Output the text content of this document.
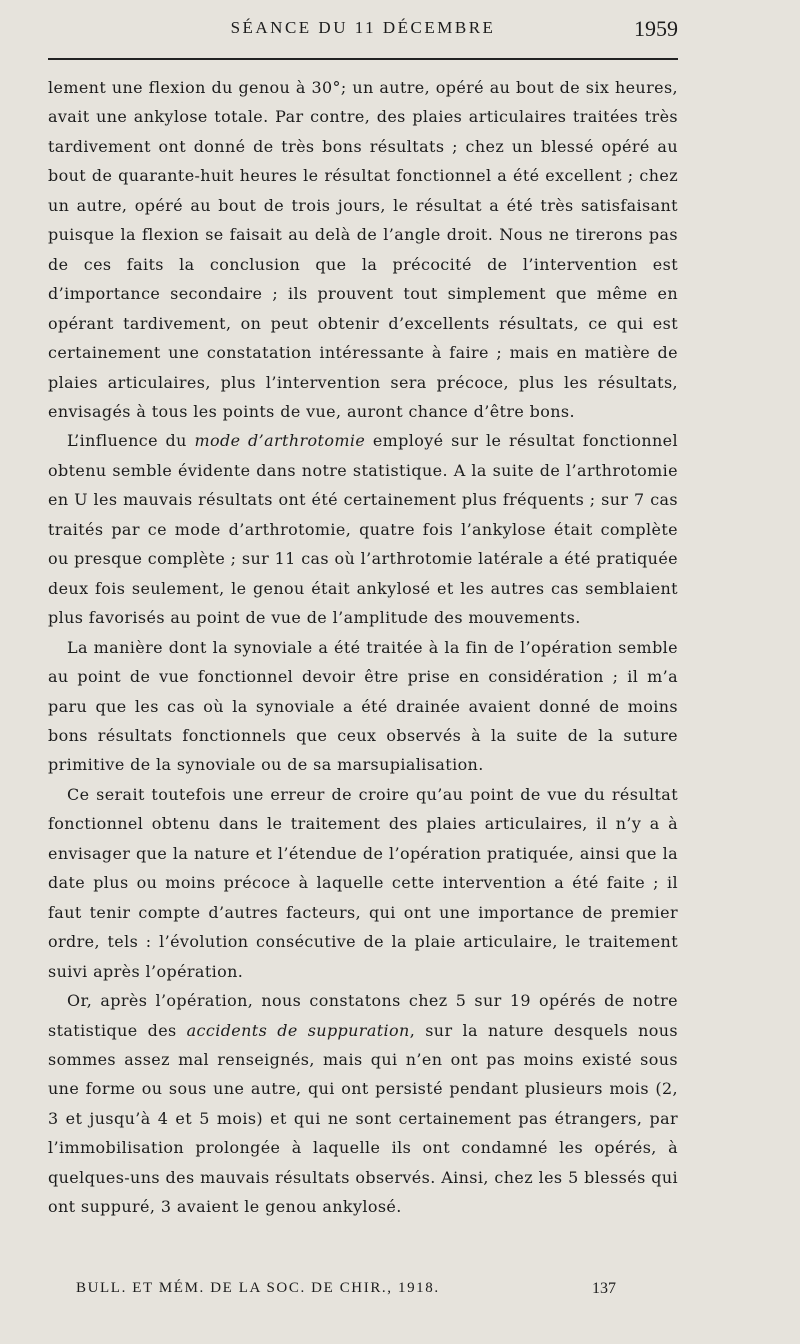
SÉANCE DU 11 DÉCEMBRE	1959

lement une flexion du genou à 30°; un autre, opéré au bout de six heures, avait une ankylose totale. Par contre, des plaies articulaires traitées très tardivement ont donné de très bons résultats ; chez un blessé opéré au bout de quarante-huit heures le résultat fonctionnel a été excellent ; chez un autre, opéré au bout de trois jours, le résultat a été très satisfaisant puisque la flexion se faisait au delà de l’angle droit. Nous ne tirerons pas de ces faits la conclusion que la précocité de l’intervention est d’importance secondaire ; ils prouvent tout simplement que même en opérant tardivement, on peut obtenir d’excellents résultats, ce qui est certainement une constatation intéressante à faire ; mais en matière de plaies articulaires, plus l’intervention sera précoce, plus les résultats, envisagés à tous les points de vue, auront chance d’être bons.

L’influence du mode d’arthrotomie employé sur le résultat fonctionnel obtenu semble évidente dans notre statistique. A la suite de l’arthrotomie en U les mauvais résultats ont été certainement plus fréquents ; sur 7 cas traités par ce mode d’arthrotomie, quatre fois l’ankylose était complète ou presque complète ; sur 11 cas où l’arthrotomie latérale a été pratiquée deux fois seulement, le genou était ankylosé et les autres cas semblaient plus favorisés au point de vue de l’amplitude des mouvements.

La manière dont la synoviale a été traitée à la fin de l’opération semble au point de vue fonctionnel devoir être prise en considération ; il m’a paru que les cas où la synoviale a été drainée avaient donné de moins bons résultats fonctionnels que ceux observés à la suite de la suture primitive de la synoviale ou de sa marsupialisation.

Ce serait toutefois une erreur de croire qu’au point de vue du résultat fonctionnel obtenu dans le traitement des plaies articulaires, il n’y a à envisager que la nature et l’étendue de l’opération pratiquée, ainsi que la date plus ou moins précoce à laquelle cette intervention a été faite ; il faut tenir compte d’autres facteurs, qui ont une importance de premier ordre, tels : l’évolution consécutive de la plaie articulaire, le traitement suivi après l’opération.

Or, après l’opération, nous constatons chez 5 sur 19 opérés de notre statistique des accidents de suppuration, sur la nature desquels nous sommes assez mal renseignés, mais qui n’en ont pas moins existé sous une forme ou sous une autre, qui ont persisté pendant plusieurs mois (2, 3 et jusqu’à 4 et 5 mois) et qui ne sont certainement pas étrangers, par l’immobilisation prolongée à laquelle ils ont condamné les opérés, à quelques-uns des mauvais résultats observés. Ainsi, chez les 5 blessés qui ont suppuré, 3 avaient le genou ankylosé.

BULL. ET MÉM. DE LA SOC. DE CHIR., 1918.	137
